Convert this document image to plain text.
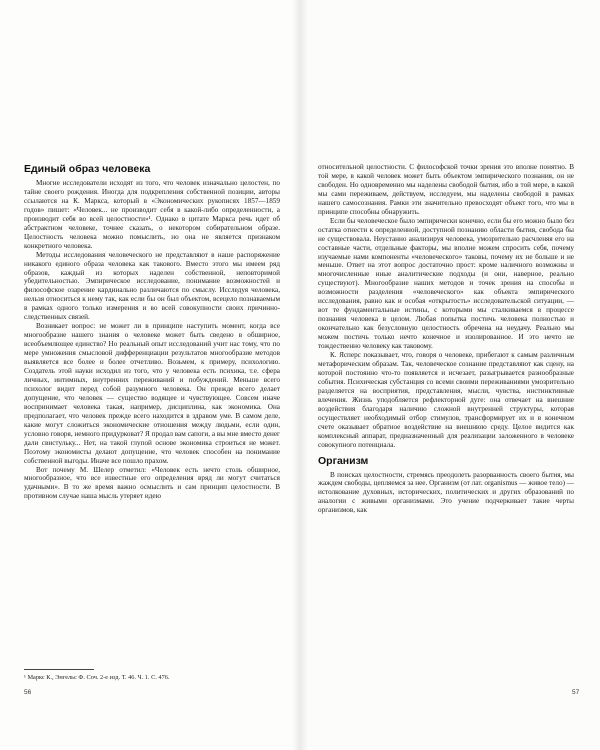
Единый образ человека

Многие исследователи исходят из того, что человек изначально целостен, по тайне своего рождения. Иногда для подкрепления собственной позиции, авторы ссылаются на К. Маркса, который в «Экономических рукописях 1857—1859 годов» пишет: «Человек... не производит себя в какой-либо определенности, а производит себя во всей целостности»¹. Однако в цитате Маркса речь идет об абстрактном человеке, точнее сказать, о некотором собирательном образе. Целостность человека можно помыслить, но она не является признаком конкретного человека.

Методы исследования человеческого не представляют в наше распоряжение никакого единого образа человека как такового. Вместо этого мы имеем ряд образов, каждый из которых наделен собственной, неповторимой убедительностью. Эмпирическое исследование, понимание возможностей и философское озарение кардинально различаются по смыслу. Исследуя человека, нельзя относиться к нему так, как если бы он был объектом, всецело познаваемым в рамках одного только измерения и во всей совокупности своих причинно-следственных связей.

Возникает вопрос: не может ли в принципе наступить момент, когда все многообразие нашего знания о человеке может быть сведено в обширное, всеобъемлющее единство? Но реальный опыт исследований учит нас тому, что по мере умножения смысловой дифференциации результатов многообразие методов выявляется все более и более отчетливо. Возьмем, к примеру, психологию. Создатель этой науки исходил из того, что у человека есть психика, т.е. сфера личных, интимных, внутренних переживаний и побуждений. Меньше всего психолог видит перед собой разумного человека. Он прежде всего делает допущение, что человек — существо водящее и чувствующее. Совсем иначе воспринимает человека такая, например, дисциплина, как экономика. Она предполагает, что человек прежде всего находится в здравом уме. В самом деле, какие могут сложиться экономические отношения между людьми, если один, условно говоря, немного придурковат? Я продал вам сапоги, а вы мне вместо денег дали свистульку... Нет, на такой глупой основе экономика строиться не может. Поэтому экономисты делают допущение, что человек способен на понимание собственной выгоды. Иначе все пошло прахом.

Вот почему М. Шелер отметил: «Человек есть нечто столь обширное, многообразное, что все известные его определения вряд ли могут считаться удачными». В то же время важно осмыслить и сам принцип целостности. В противном случае наша мысль утеряет идею

¹ Маркс К., Энгельс Ф. Соч. 2-е изд. Т. 46. Ч. 1. С. 476.
56

относительной целостности. С философской точки зрения это вполне понятно. В той мере, в какой человек может быть объектом эмпирического познания, он не свободен. Но одновременно мы наделены свободой бытия, ибо в той мере, в какой мы сами переживаем, действуем, исследуем, мы наделены свободой в рамках нашего самосознания. Рамки эти значительно превосходят объект того, что мы в принципе способны обнаружить.

Если бы человеческое было эмпирически конечно, если бы его можно было без остатка отнести к определенной, доступной познанию области бытия, свобода бы не существовала. Неустанно анализируя человека, умозрительно расчленяя его на составные части, отдельные факторы, мы вполне можем спросить себя, почему изучаемые нами компоненты «человеческого» таковы, почему их не больше и не меньше. Ответ на этот вопрос достаточно прост: кроме наличного возможны и многочисленные иные аналитические подходы (и они, наверное, реально существуют). Многообразие наших методов и точек зрения на способы и возможности разделения «человеческого» как объекта эмпирического исследования, равно как и особая «открытость» исследовательской ситуации, — вот те фундаментальные истины, с которыми мы сталкиваемся в процессе познания человека в целом. Любая попытка постичь человека полностью и окончательно как безусловную целостность обречена на неудачу. Реально мы можем постичь только нечто конечное и изолированное. И это нечто не тождественно человеку как таковому.

К. Ясперс показывает, что, говоря о человеке, прибегают к самым различным метафорическим образам. Так, человеческое сознание представляют как сцену, на которой постоянно что-то появляется и исчезает, разыгрывается разнообразные события. Психическая субстанция со всеми своими переживаниями умозрительно разделяется на восприятия, представления, мысли, чувства, инстинктивные влечения. Жизнь уподобляется рефлекторной дуге: она отвечает на внешние воздействия благодаря наличию сложной внутренней структуры, которая осуществляет необходимый отбор стимулов, трансформирует их и в конечном счете оказывает обратное воздействие на внешнюю среду. Целое видится как комплексный аппарат, предназначенный для реализации заложенного в человеке совокупного потенциала.

Организм

В поисках целостности, стремясь преодолеть разорванность своего бытия, мы жаждем свободы, цепляемся за нее. Организм (от лат. organismus — живое тело) — истолкование духовных, исторических, политических и других образований по аналогии с живыми организмами. Это учение подчеркивает такие черты организмов, как

57
